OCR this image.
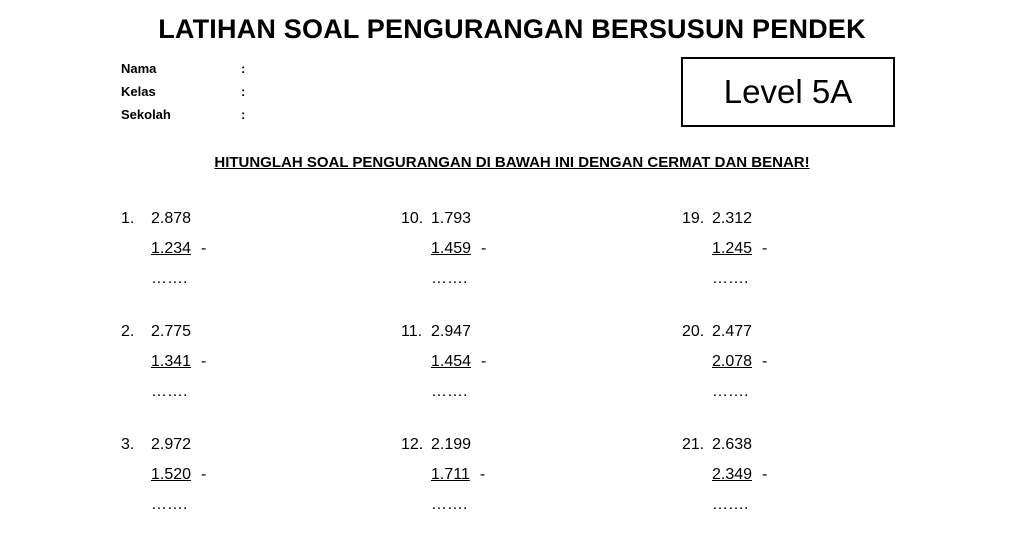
LATIHAN SOAL PENGURANGAN BERSUSUN PENDEK
Nama	:
Kelas	:
Sekolah	:
Level 5A
HITUNGLAH SOAL PENGURANGAN DI BAWAH INI DENGAN CERMAT DAN BENAR!
1. 2.878
1.234 -
…….
2. 2.775
1.341 -
…….
3. 2.972
1.520 -
…….
10. 1.793
1.459 -
…….
11. 2.947
1.454 -
…….
12. 2.199
1.711 -
…….
19. 2.312
1.245 -
…….
20. 2.477
2.078 -
…….
21. 2.638
2.349 -
…….
